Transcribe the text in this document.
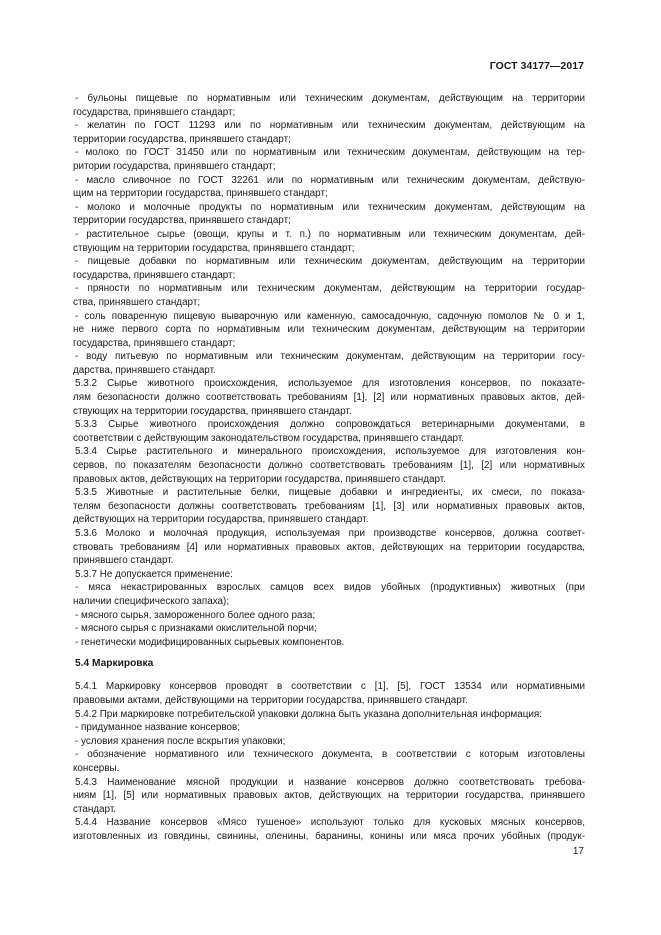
ГОСТ 34177—2017
- бульоны пищевые по нормативным или техническим документам, действующим на территории
государства, принявшего стандарт;
- желатин по ГОСТ 11293 или по нормативным или техническим документам, действующим на
территории государства, принявшего стандарт;
- молоко по ГОСТ 31450 или по нормативным или техническим документам, действующим на тер-
ритории государства, принявшего стандарт;
- масло сливочное по ГОСТ 32261 или по нормативным или техническим документам, действую-
щим на территории государства, принявшего стандарт;
- молоко и молочные продукты по нормативным или техническим документам, действующим на
территории государства, принявшего стандарт;
- растительное сырье (овощи, крупы и т. п.) по нормативным или техническим документам, дей-
ствующим на территории государства, принявшего стандарт;
- пищевые добавки по нормативным или техническим документам, действующим на территории
государства, принявшего стандарт;
- пряности по нормативным или техническим документам, действующим на территории государ-
ства, принявшего стандарт;
- соль поваренную пищевую выварочную или каменную, самосадочную, садочную помолов № 0 и 1,
не ниже первого сорта по нормативным или техническим документам, действующим на территории
государства, принявшего стандарт;
- воду питьевую по нормативным или техническим документам, действующим на территории госу-
дарства, принявшего стандарт.
5.3.2 Сырье животного происхождения, используемое для изготовления консервов, по показате-
лям безопасности должно соответствовать требованиям [1], [2] или нормативных правовых актов, дей-
ствующих на территории государства, принявшего стандарт.
5.3.3 Сырье животного происхождения должно сопровождаться ветеринарными документами, в
соответствии с действующим законодательством государства, принявшего стандарт.
5.3.4 Сырье растительного и минерального происхождения, используемое для изготовления кон-
сервов, по показателям безопасности должно соответствовать требованиям [1], [2] или нормативных
правовых актов, действующих на территории государства, принявшего стандарт.
5.3.5 Животные и растительные белки, пищевые добавки и ингредиенты, их смеси, по показа-
телям безопасности должны соответствовать требованиям [1], [3] или нормативных правовых актов,
действующих на территории государства, принявшего стандарт.
5.3.6 Молоко и молочная продукция, используемая при производстве консервов, должна соответ-
ствовать требованиям [4] или нормативных правовых актов, действующих на территории государства,
принявшего стандарт.
5.3.7 Не допускается применение:
- мяса некастрированных взрослых самцов всех видов убойных (продуктивных) животных (при
наличии специфического запаха);
- мясного сырья, замороженного более одного раза;
- мясного сырья с признаками окислительной порчи;
- генетически модифицированных сырьевых компонентов.
5.4 Маркировка
5.4.1 Маркировку консервов проводят в соответствии с [1], [5], ГОСТ 13534 или нормативными
правовыми актами, действующими на территории государства, принявшего стандарт.
5.4.2 При маркировке потребительской упаковки должна быть указана дополнительная информация:
- придуманное название консервов;
- условия хранения после вскрытия упаковки;
- обозначение нормативного или технического документа, в соответствии с которым изготовлены
консервы.
5.4.3 Наименование мясной продукции и название консервов должно соответствовать требова-
ниям [1], [5] или нормативных правовых актов, действующих на территории государства, принявшего
стандарт.
5.4.4 Название консервов «Мясо тушеное» используют только для кусковых мясных консервов,
изготовленных из говядины, свинины, оленины, баранины, конины или мяса прочих убойных (продук-
17
